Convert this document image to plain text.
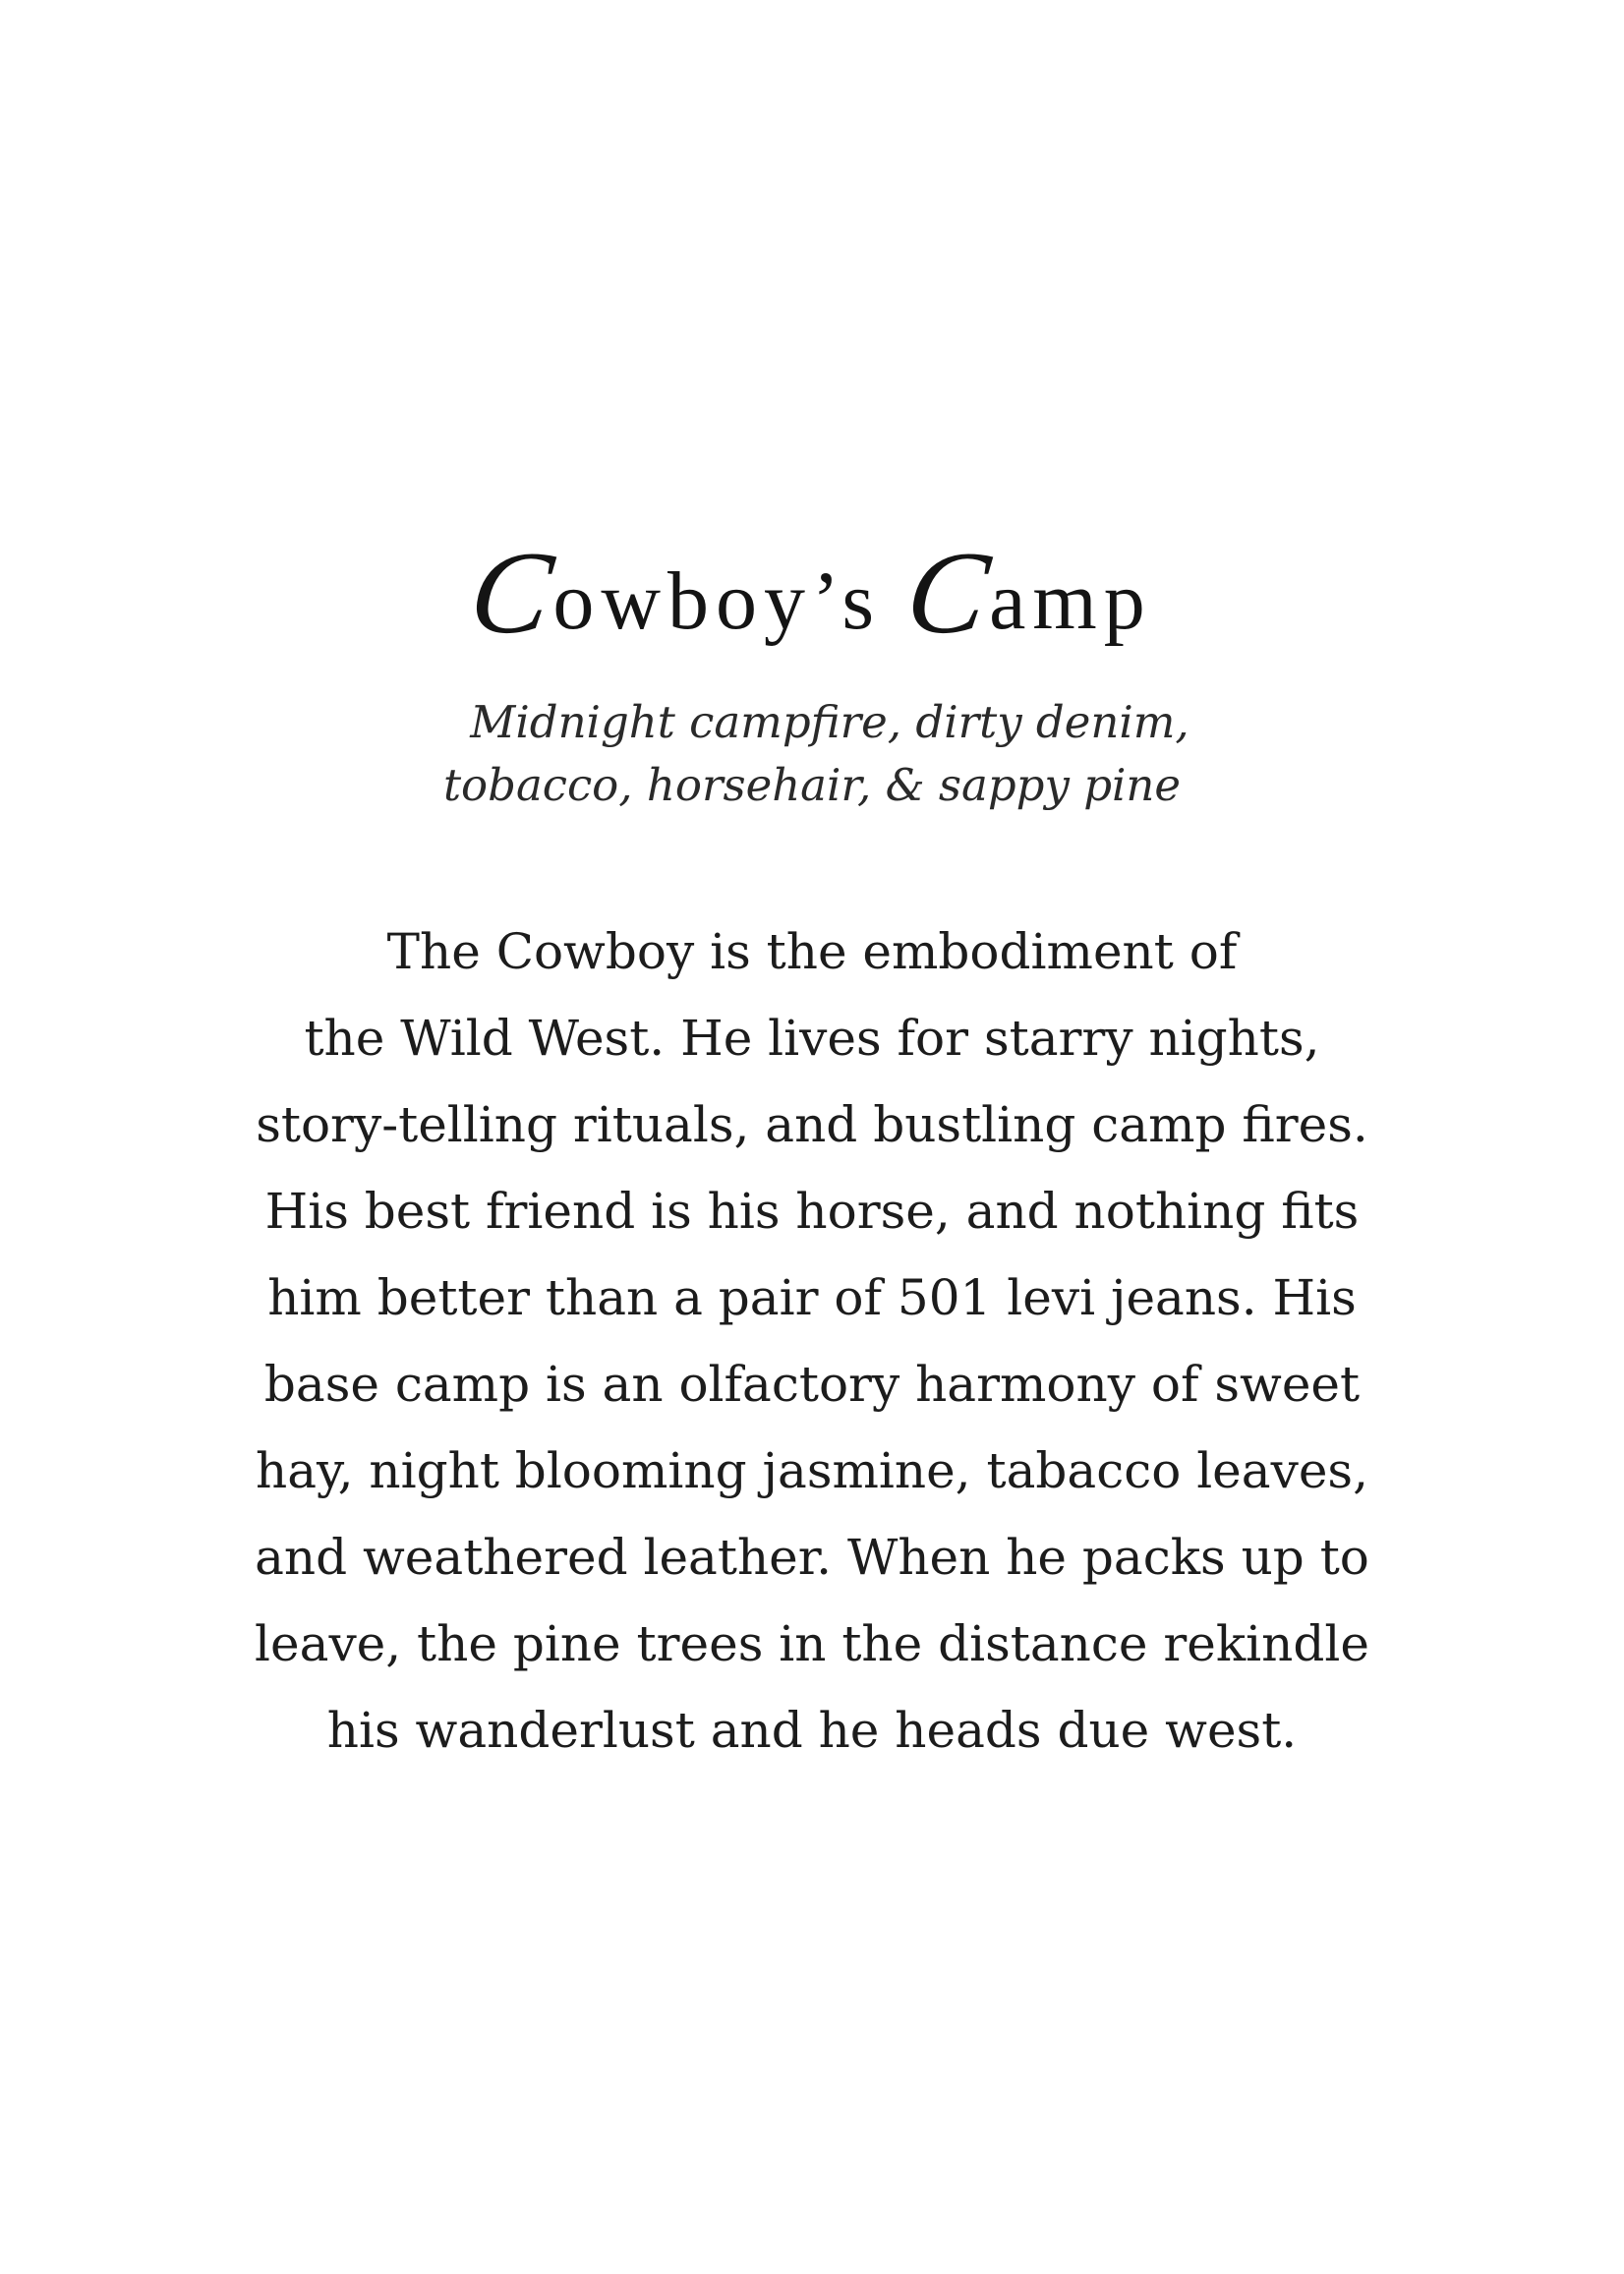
Cowboy’s Camp
Midnight campfire, dirty denim,
tobacco, horsehair, & sappy pine
The Cowboy is the embodiment of
the Wild West. He lives for starry nights,
story-telling rituals, and bustling camp fires.
His best friend is his horse, and nothing fits
him better than a pair of 501 levi jeans. His
base camp is an olfactory harmony of sweet
hay, night blooming jasmine, tabacco leaves,
and weathered leather. When he packs up to
leave, the pine trees in the distance rekindle
his wanderlust and he heads due west.
